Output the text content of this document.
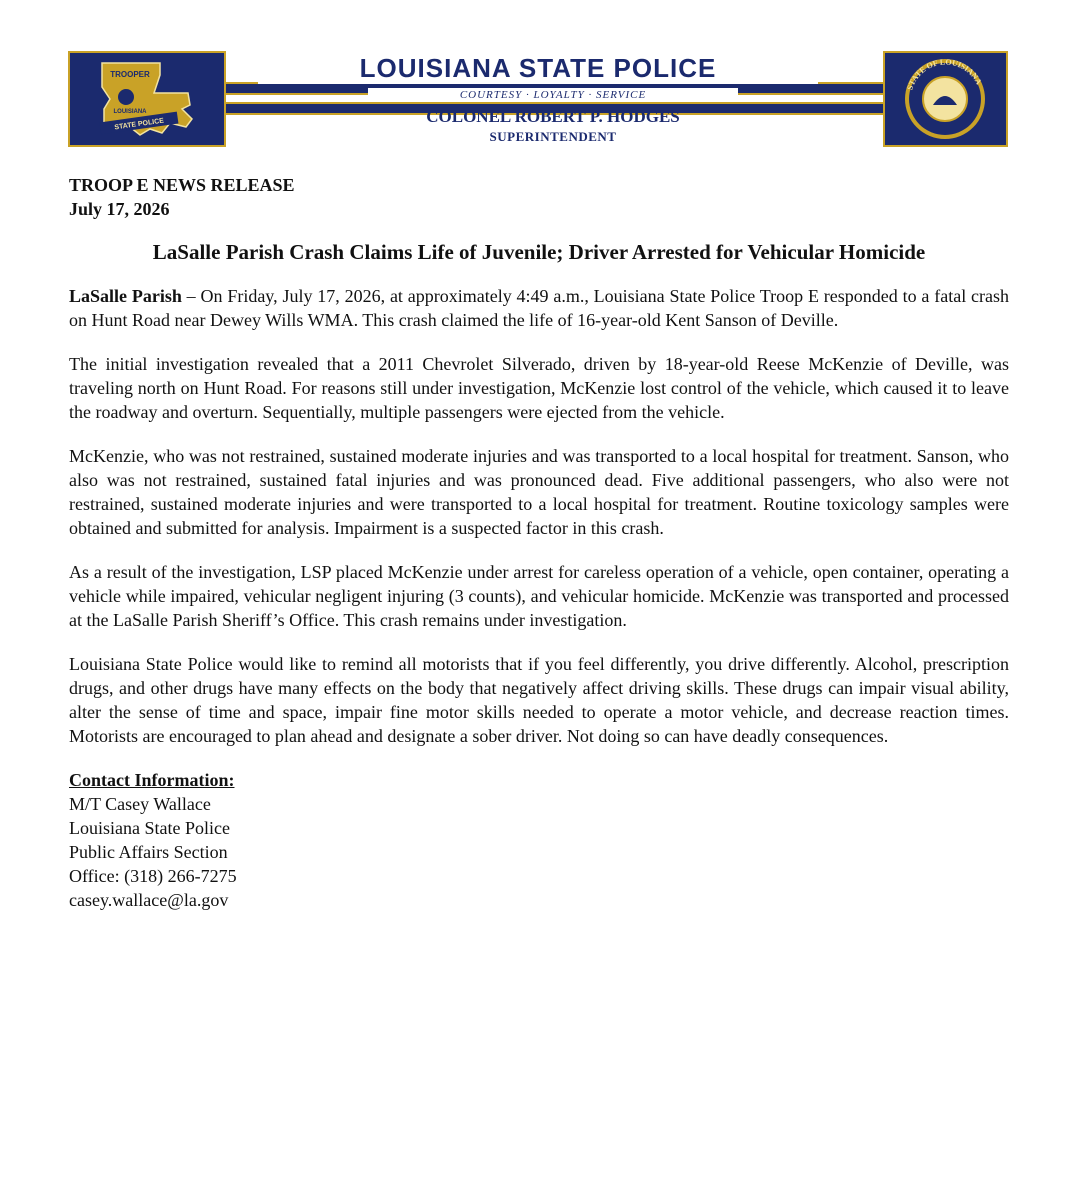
TROOPER
LOUISIANA
STATE POLICE
LOUISIANA STATE POLICE
COURTESY · LOYALTY · SERVICE
COLONEL ROBERT P. HODGES
SUPERINTENDENT
STATE OF LOUISIANA
TROOP E NEWS RELEASE
July 17, 2026
LaSalle Parish Crash Claims Life of Juvenile; Driver Arrested for Vehicular Homicide
LaSalle Parish – On Friday, July 17, 2026, at approximately 4:49 a.m., Louisiana State Police Troop E responded to a fatal crash on Hunt Road near Dewey Wills WMA. This crash claimed the life of 16-year-old Kent Sanson of Deville.
The initial investigation revealed that a 2011 Chevrolet Silverado, driven by 18-year-old Reese McKenzie of Deville, was traveling north on Hunt Road. For reasons still under investigation, McKenzie lost control of the vehicle, which caused it to leave the roadway and overturn. Sequentially, multiple passengers were ejected from the vehicle.
McKenzie, who was not restrained, sustained moderate injuries and was transported to a local hospital for treatment. Sanson, who also was not restrained, sustained fatal injuries and was pronounced dead. Five additional passengers, who also were not restrained, sustained moderate injuries and were transported to a local hospital for treatment. Routine toxicology samples were obtained and submitted for analysis. Impairment is a suspected factor in this crash.
As a result of the investigation, LSP placed McKenzie under arrest for careless operation of a vehicle, open container, operating a vehicle while impaired, vehicular negligent injuring (3 counts), and vehicular homicide. McKenzie was transported and processed at the LaSalle Parish Sheriff’s Office. This crash remains under investigation.
Louisiana State Police would like to remind all motorists that if you feel differently, you drive differently. Alcohol, prescription drugs, and other drugs have many effects on the body that negatively affect driving skills. These drugs can impair visual ability, alter the sense of time and space, impair fine motor skills needed to operate a motor vehicle, and decrease reaction times. Motorists are encouraged to plan ahead and designate a sober driver. Not doing so can have deadly consequences.
Contact Information:
M/T Casey Wallace
Louisiana State Police
Public Affairs Section
Office: (318) 266-7275
casey.wallace@la.gov
